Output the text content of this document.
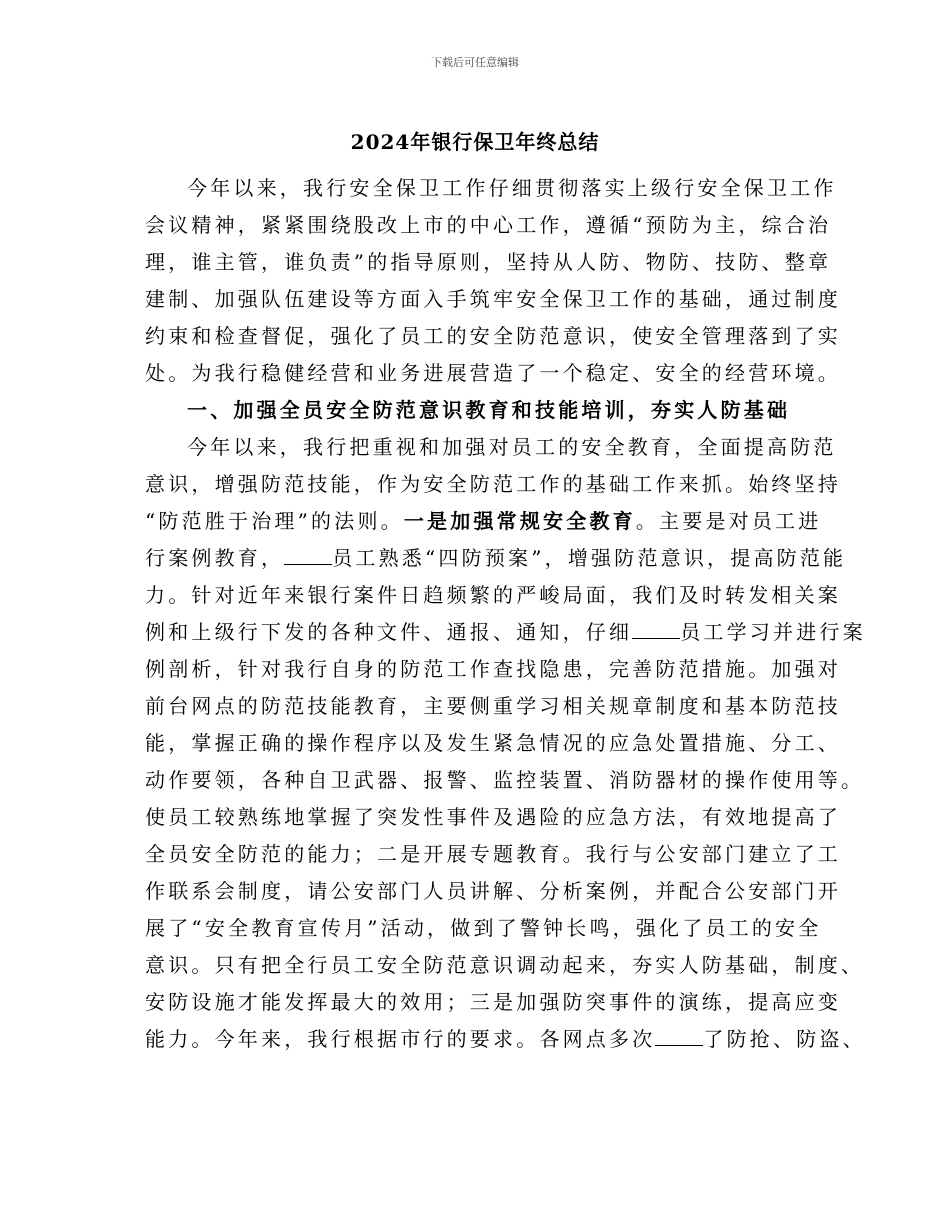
下载后可任意编辑
2024年银行保卫年终总结
今年以来，我行安全保卫工作仔细贯彻落实上级行安全保卫工作
会议精神，紧紧围绕股改上市的中心工作，遵循“预防为主，综合治
理，谁主管，谁负责”的指导原则，坚持从人防、物防、技防、整章
建制、加强队伍建设等方面入手筑牢安全保卫工作的基础，通过制度
约束和检查督促，强化了员工的安全防范意识，使安全管理落到了实
处。为我行稳健经营和业务进展营造了一个稳定、安全的经营环境。
一、加强全员安全防范意识教育和技能培训，夯实人防基础
今年以来，我行把重视和加强对员工的安全教育，全面提高防范
意识，增强防范技能，作为安全防范工作的基础工作来抓。始终坚持
“防范胜于治理”的法则。一是加强常规安全教育。主要是对员工进
行案例教育， 员工熟悉“四防预案”，增强防范意识，提高防范能
力。针对近年来银行案件日趋频繁的严峻局面，我们及时转发相关案
例和上级行下发的各种文件、通报、通知，仔细 员工学习并进行案
例剖析，针对我行自身的防范工作查找隐患，完善防范措施。加强对
前台网点的防范技能教育，主要侧重学习相关规章制度和基本防范技
能，掌握正确的操作程序以及发生紧急情况的应急处置措施、分工、
动作要领，各种自卫武器、报警、监控装置、消防器材的操作使用等。
使员工较熟练地掌握了突发性事件及遇险的应急方法，有效地提高了
全员安全防范的能力；二是开展专题教育。我行与公安部门建立了工
作联系会制度，请公安部门人员讲解、分析案例，并配合公安部门开
展了“安全教育宣传月”活动，做到了警钟长鸣，强化了员工的安全
意识。只有把全行员工安全防范意识调动起来，夯实人防基础，制度、
安防设施才能发挥最大的效用；三是加强防突事件的演练，提高应变
能力。今年来，我行根据市行的要求。各网点多次 了防抢、防盗、
